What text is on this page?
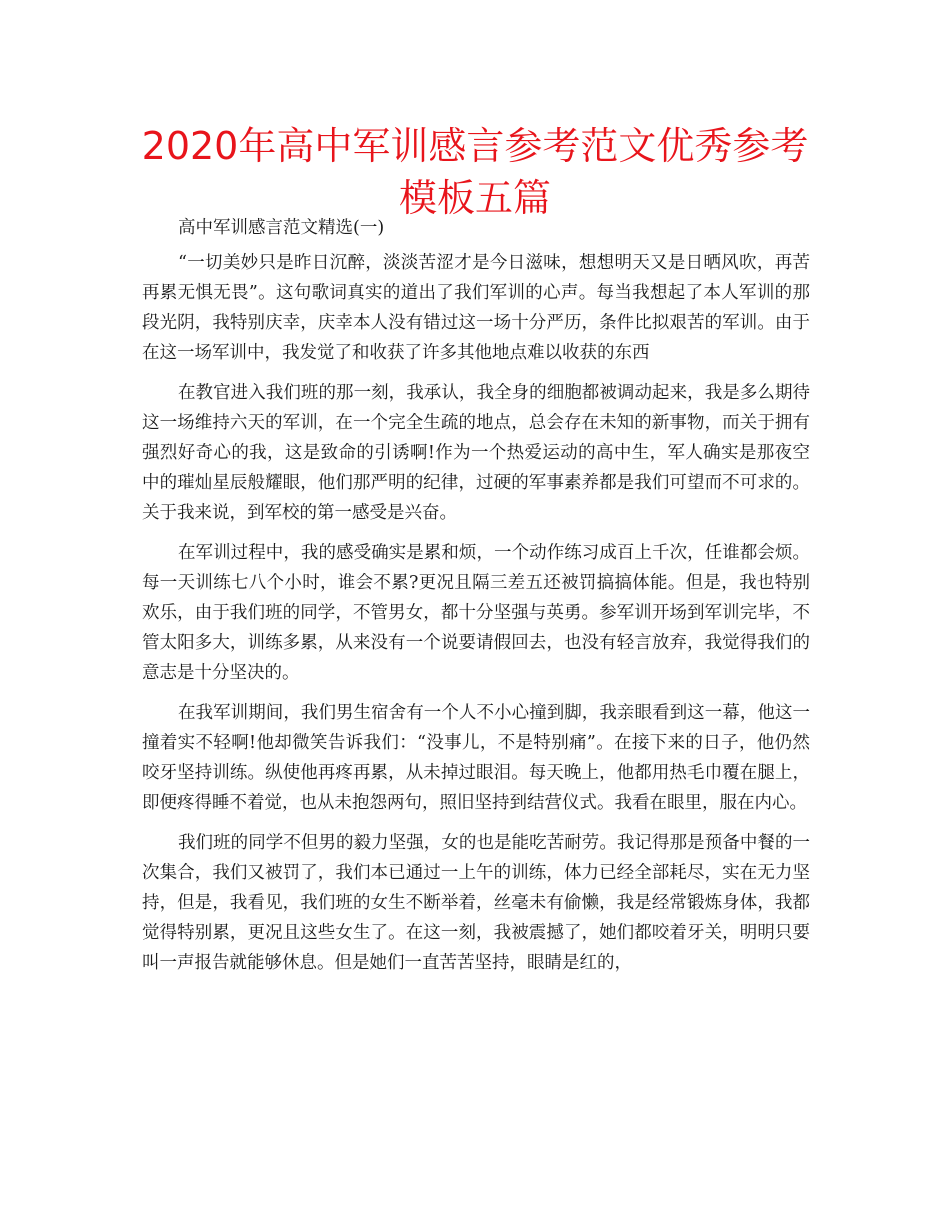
2020年高中军训感言参考范文优秀参考模板五篇
高中军训感言范文精选(一)

“一切美妙只是昨日沉醉，淡淡苦涩才是今日滋味，想想明天又是日晒风吹，再苦再累无惧无畏”。这句歌词真实的道出了我们军训的心声。每当我想起了本人军训的那段光阴，我特别庆幸，庆幸本人没有错过这一场十分严历，条件比拟艰苦的军训。由于在这一场军训中，我发觉了和收获了许多其他地点难以收获的东西

在教官进入我们班的那一刻，我承认，我全身的细胞都被调动起来，我是多么期待这一场维持六天的军训，在一个完全生疏的地点，总会存在未知的新事物，而关于拥有强烈好奇心的我，这是致命的引诱啊!作为一个热爱运动的高中生，军人确实是那夜空中的璀灿星辰般耀眼，他们那严明的纪律，过硬的军事素养都是我们可望而不可求的。关于我来说，到军校的第一感受是兴奋。

在军训过程中，我的感受确实是累和烦，一个动作练习成百上千次，任谁都会烦。每一天训练七八个小时，谁会不累?更况且隔三差五还被罚搞搞体能。但是，我也特别欢乐，由于我们班的同学，不管男女，都十分坚强与英勇。参军训开场到军训完毕，不管太阳多大，训练多累，从来没有一个说要请假回去，也没有轻言放弃，我觉得我们的意志是十分坚决的。

在我军训期间，我们男生宿舍有一个人不小心撞到脚，我亲眼看到这一幕，他这一撞着实不轻啊!他却微笑告诉我们：“没事儿，不是特别痛”。在接下来的日子，他仍然咬牙坚持训练。纵使他再疼再累，从未掉过眼泪。每天晚上，他都用热毛巾覆在腿上，即便疼得睡不着觉，也从未抱怨两句，照旧坚持到结营仪式。我看在眼里，服在内心。

我们班的同学不但男的毅力坚强，女的也是能吃苦耐劳。我记得那是预备中餐的一次集合，我们又被罚了，我们本已通过一上午的训练，体力已经全部耗尽，实在无力坚持，但是，我看见，我们班的女生不断举着，丝毫未有偷懒，我是经常锻炼身体，我都觉得特别累，更况且这些女生了。在这一刻，我被震撼了，她们都咬着牙关，明明只要叫一声报告就能够休息。但是她们一直苦苦坚持，眼睛是红的，
